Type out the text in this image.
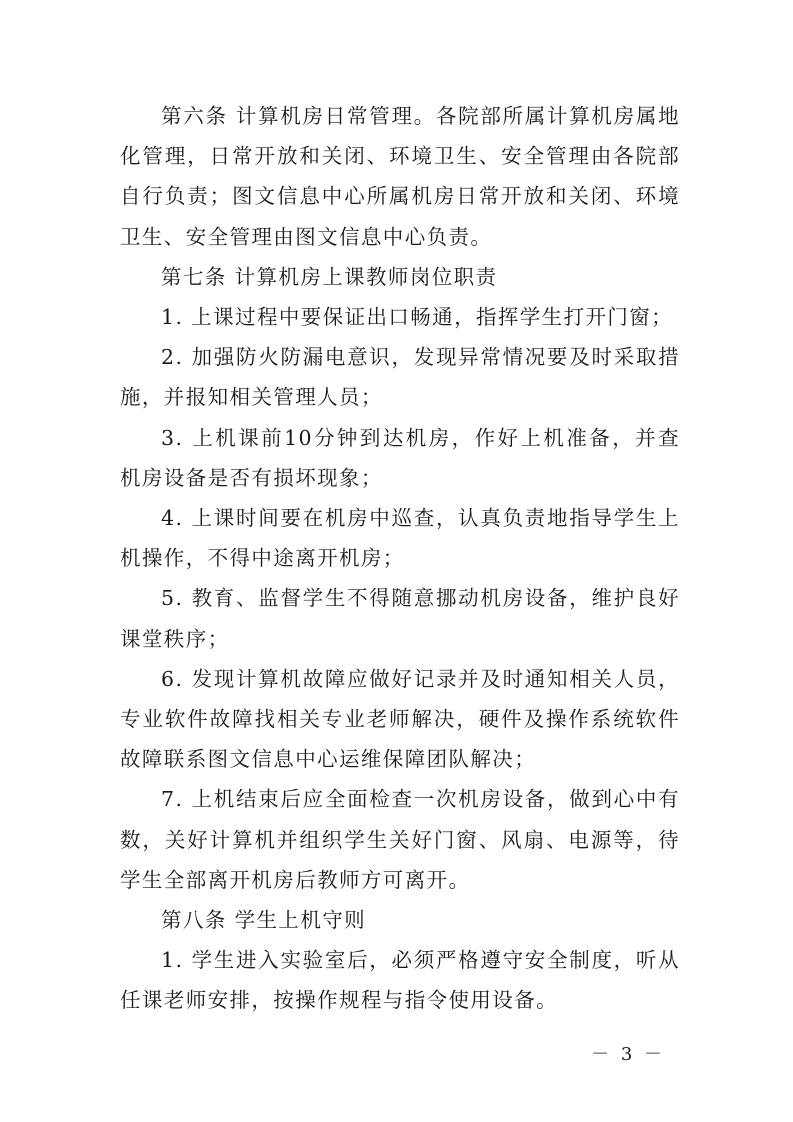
第六条 计算机房日常管理。各院部所属计算机房属地化管理，日常开放和关闭、环境卫生、安全管理由各院部自行负责；图文信息中心所属机房日常开放和关闭、环境卫生、安全管理由图文信息中心负责。

第七条 计算机房上课教师岗位职责

1. 上课过程中要保证出口畅通，指挥学生打开门窗；

2. 加强防火防漏电意识，发现异常情况要及时采取措施，并报知相关管理人员；

3. 上机课前10分钟到达机房，作好上机准备，并查机房设备是否有损坏现象；

4. 上课时间要在机房中巡查，认真负责地指导学生上机操作，不得中途离开机房；

5. 教育、监督学生不得随意挪动机房设备，维护良好课堂秩序；

6. 发现计算机故障应做好记录并及时通知相关人员，专业软件故障找相关专业老师解决，硬件及操作系统软件故障联系图文信息中心运维保障团队解决；

7. 上机结束后应全面检查一次机房设备，做到心中有数，关好计算机并组织学生关好门窗、风扇、电源等，待学生全部离开机房后教师方可离开。

第八条 学生上机守则

1. 学生进入实验室后，必须严格遵守安全制度，听从任课老师安排，按操作规程与指令使用设备。

－ 3 －
